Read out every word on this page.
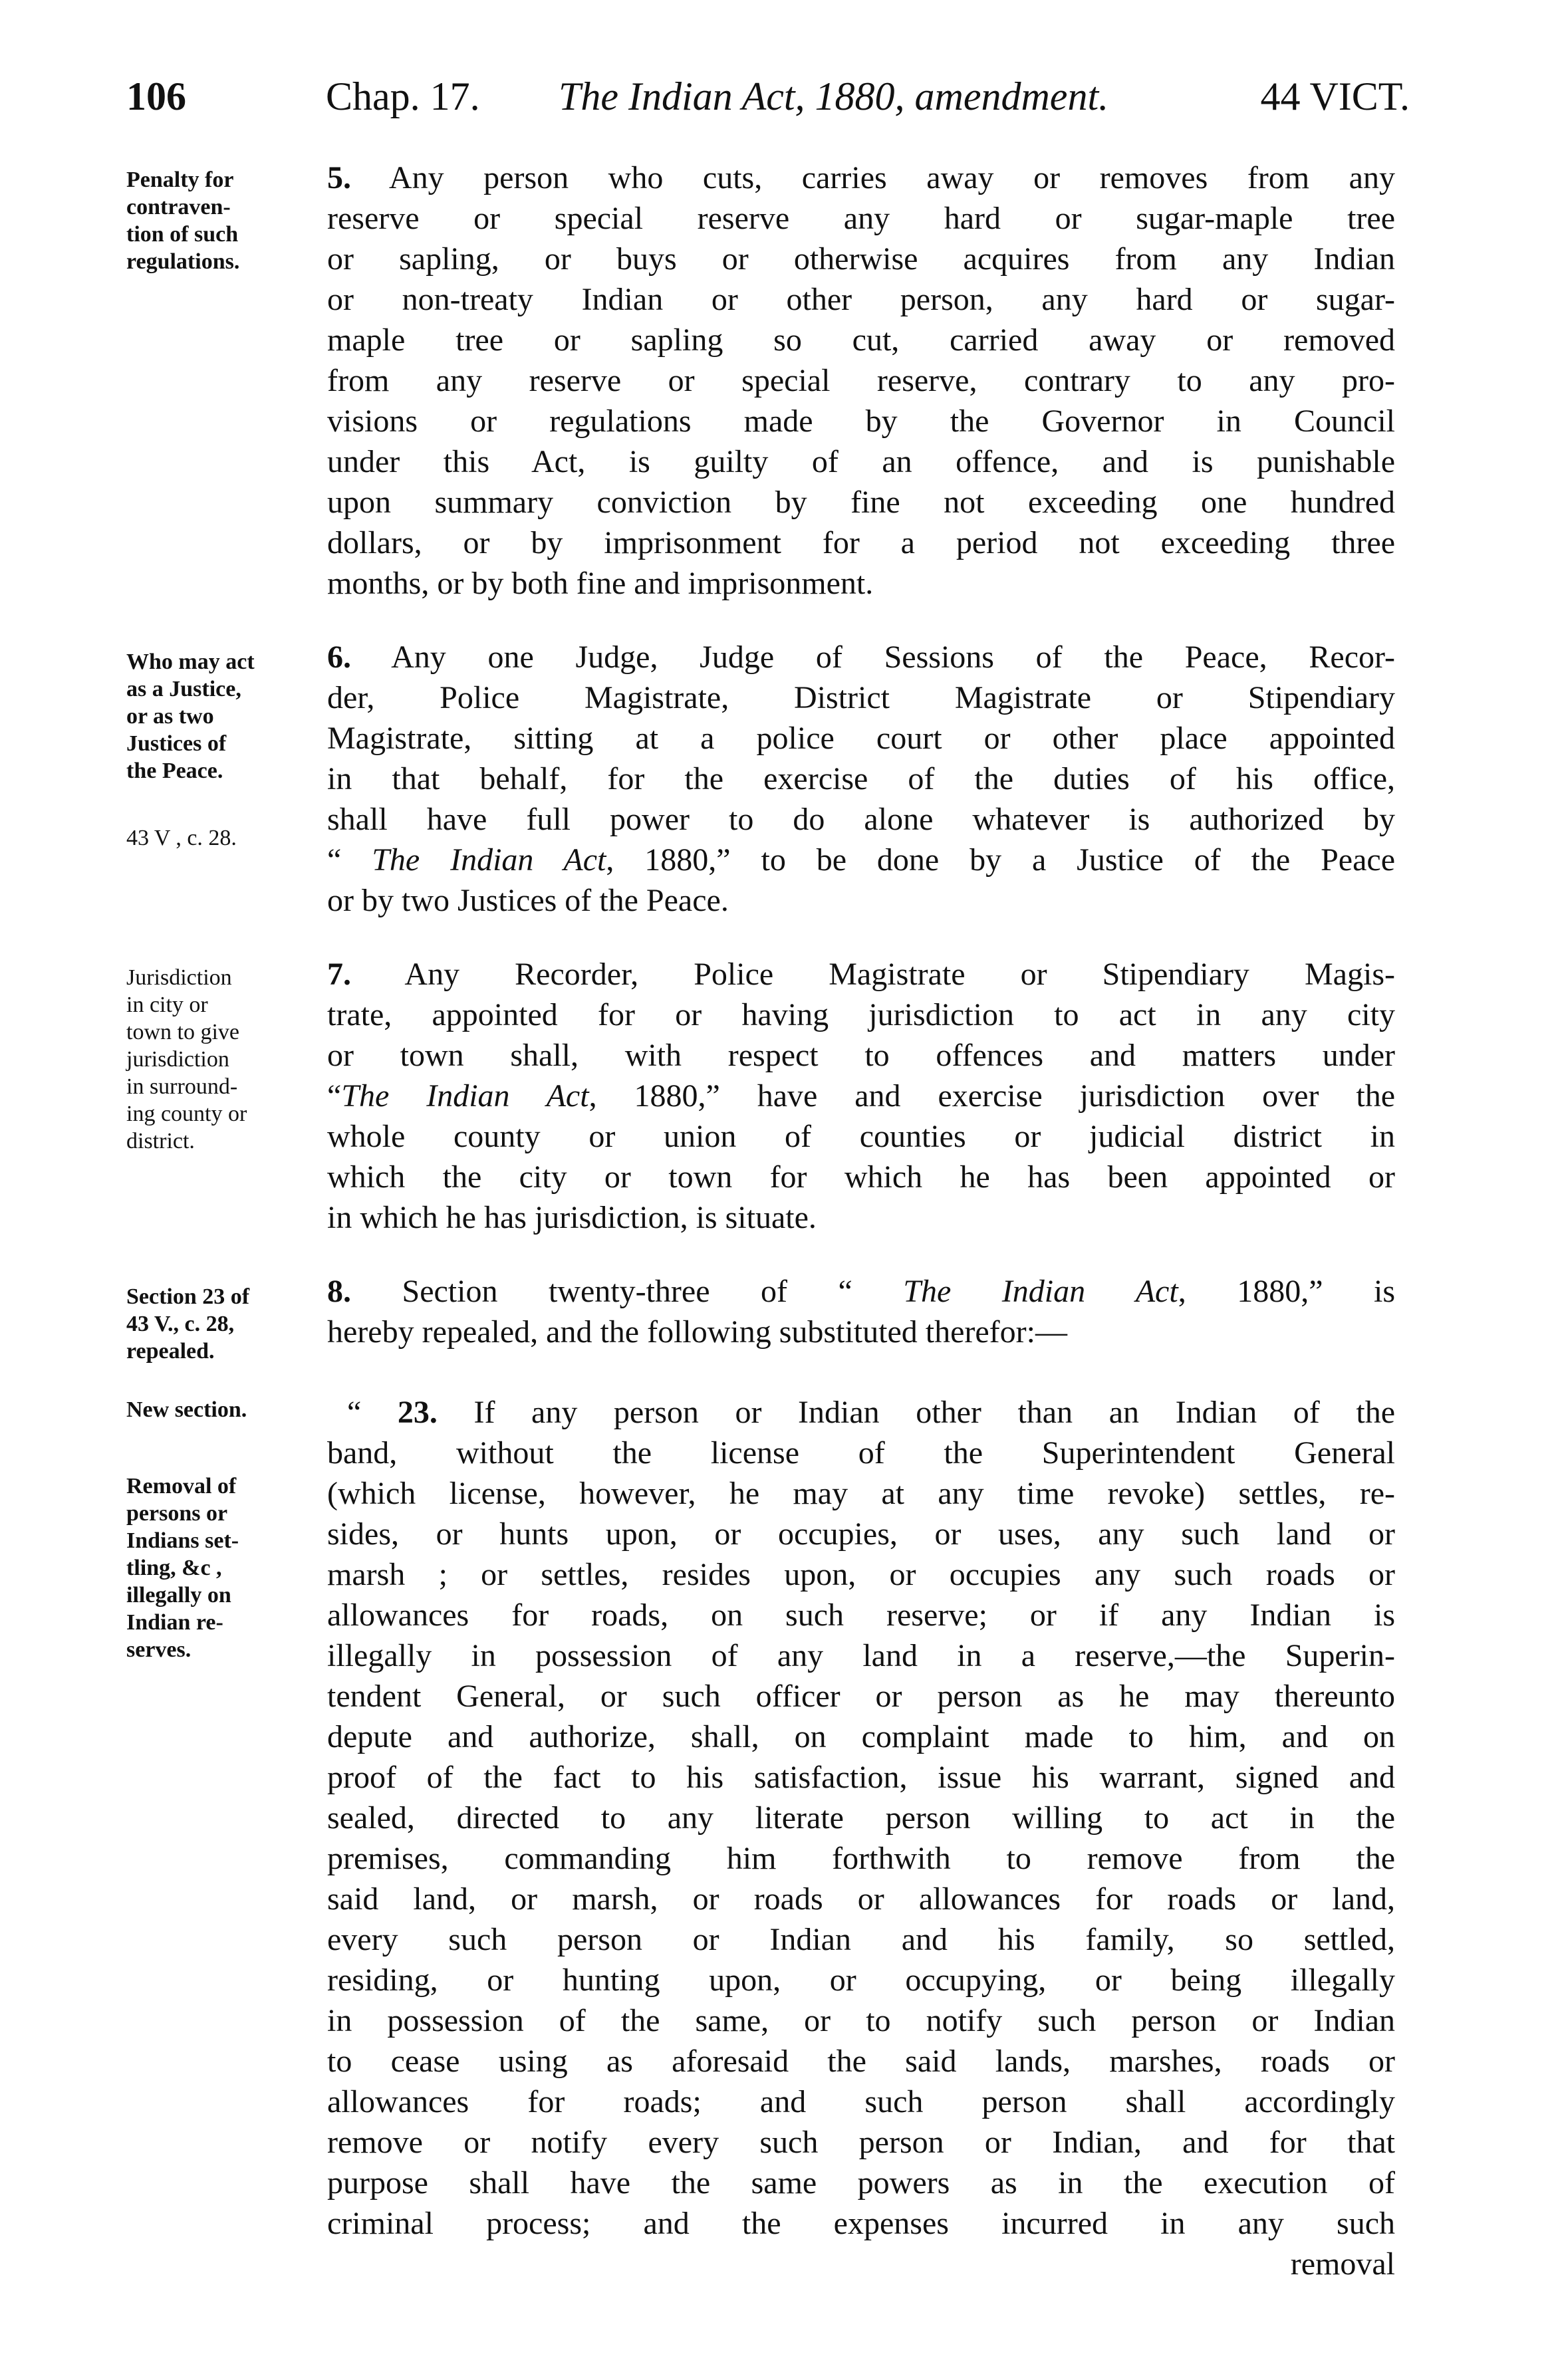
106	Chap. 17. The Indian Act, 1880, amendment.	44 VICT.
Penalty for
contraven-
tion of such
regulations.
Who may act
as a Justice,
or as two
Justices of
the Peace.
43 V , c. 28.
Jurisdiction
in city or
town to give
jurisdiction
in surround-
ing county or
district.
Section 23 of
43 V., c. 28,
repealed.
New section.
Removal of
persons or
Indians set-
tling, &c ,
illegally on
Indian re-
serves.
5. Any person who cuts, carries away or removes from any
reserve or special reserve any hard or sugar-maple tree
or sapling, or buys or otherwise acquires from any Indian
or non-treaty Indian or other person, any hard or sugar-
maple tree or sapling so cut, carried away or removed
from any reserve or special reserve, contrary to any pro-
visions or regulations made by the Governor in Council
under this Act, is guilty of an offence, and is punishable
upon summary conviction by fine not exceeding one hundred
dollars, or by imprisonment for a period not exceeding three
months, or by both fine and imprisonment.
6. Any one Judge, Judge of Sessions of the Peace, Recor-
der, Police Magistrate, District Magistrate or Stipendiary
Magistrate, sitting at a police court or other place appointed
in that behalf, for the exercise of the duties of his office,
shall have full power to do alone whatever is authorized by
“ The Indian Act, 1880,” to be done by a Justice of the Peace
or by two Justices of the Peace.
7. Any Recorder, Police Magistrate or Stipendiary Magis-
trate, appointed for or having jurisdiction to act in any city
or town shall, with respect to offences and matters under
“The Indian Act, 1880,” have and exercise jurisdiction over the
whole county or union of counties or judicial district in
which the city or town for which he has been appointed or
in which he has jurisdiction, is situate.
8. Section twenty-three of “ The Indian Act, 1880,” is
hereby repealed, and the following substituted therefor:—
“ 23. If any person or Indian other than an Indian of the
band, without the license of the Superintendent General
(which license, however, he may at any time revoke) settles, re-
sides, or hunts upon, or occupies, or uses, any such land or
marsh ; or settles, resides upon, or occupies any such roads or
allowances for roads, on such reserve; or if any Indian is
illegally in possession of any land in a reserve,—the Superin-
tendent General, or such officer or person as he may thereunto
depute and authorize, shall, on complaint made to him, and on
proof of the fact to his satisfaction, issue his warrant, signed and
sealed, directed to any literate person willing to act in the
premises, commanding him forthwith to remove from the
said land, or marsh, or roads or allowances for roads or land,
every such person or Indian and his family, so settled,
residing, or hunting upon, or occupying, or being illegally
in possession of the same, or to notify such person or Indian
to cease using as aforesaid the said lands, marshes, roads or
allowances for roads; and such person shall accordingly
remove or notify every such person or Indian, and for that
purpose shall have the same powers as in the execution of
criminal process; and the expenses incurred in any such
removal
